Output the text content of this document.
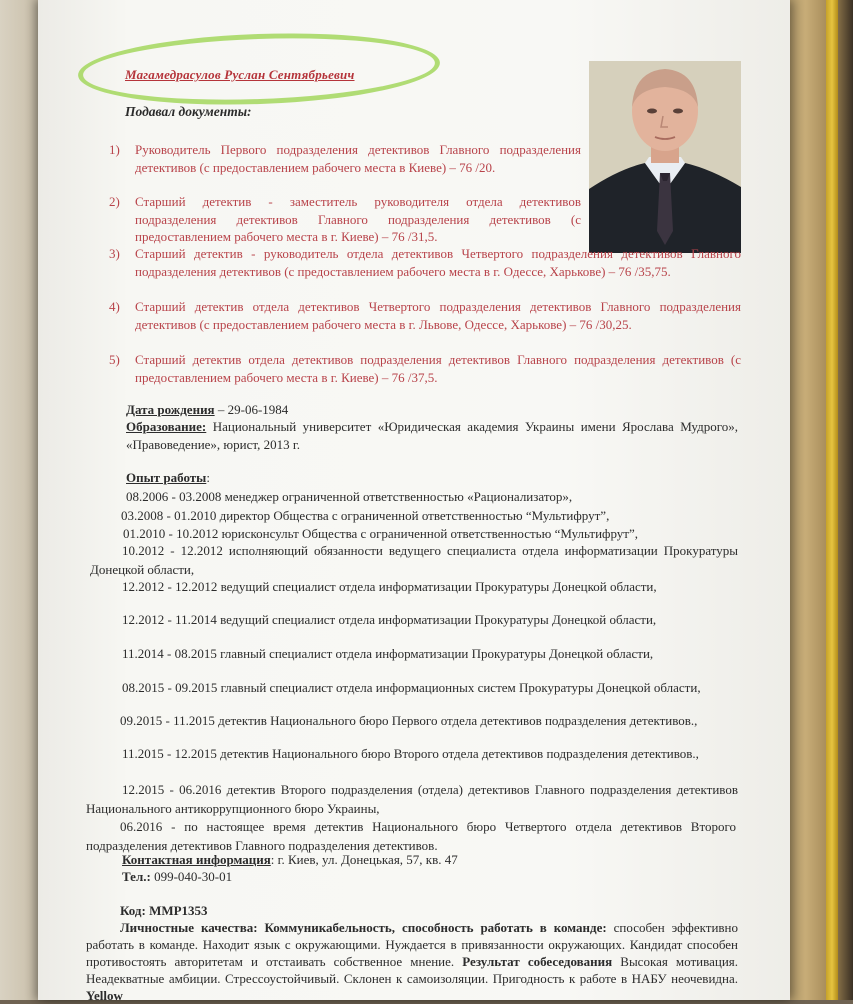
Магамедрасулов Руслан Сентябрьевич
Подавал документы:
1) Руководитель Первого подразделения детективов Главного подразделения детективов (с предоставлением рабочего места в Киеве) – 76 /20.
2) Старший детектив - заместитель руководителя отдела детективов подразделения детективов Главного подразделения детективов (с предоставлением рабочего места в г. Киеве) – 76 /31,5.
3) Старший детектив - руководитель отдела детективов Четвертого подразделения детективов Главного подразделения детективов (с предоставлением рабочего места в г. Одессе, Харькове) – 76 /35,75.
4) Старший детектив отдела детективов Четвертого подразделения детективов Главного подразделения детективов (с предоставлением рабочего места в г. Львове, Одессе, Харькове) – 76 /30,25.
5) Старший детектив отдела детективов подразделения детективов Главного подразделения детективов (с предоставлением рабочего места в г. Киеве) – 76 /37,5.
Дата рождения – 29-06-1984
Образование: Национальный университет «Юридическая академия Украины имени Ярослава Мудрого», «Правоведение», юрист, 2013 г.
Опыт работы:
08.2006 - 03.2008 менеджер ограниченной ответственностью «Рационализатор»,
03.2008 - 01.2010 директор Общества с ограниченной ответственностью “Мультифрут”,
01.2010 - 10.2012 юрисконсульт Общества с ограниченной ответственностью “Мультифрут”,
10.2012 - 12.2012 исполняющий обязанности ведущего специалиста отдела информатизации Прокуратуры Донецкой области,
12.2012 - 12.2012 ведущий специалист отдела информатизации Прокуратуры Донецкой области,
12.2012 - 11.2014 ведущий специалист отдела информатизации Прокуратуры Донецкой области,
11.2014 - 08.2015 главный специалист отдела информатизации Прокуратуры Донецкой области,
08.2015 - 09.2015 главный специалист отдела информационных систем Прокуратуры Донецкой области,
09.2015 - 11.2015 детектив Национального бюро Первого отдела детективов подразделения детективов.,
11.2015 - 12.2015 детектив Национального бюро Второго отдела детективов подразделения детективов.,
12.2015 - 06.2016 детектив Второго подразделения (отдела) детективов Главного подразделения детективов Национального антикоррупционного бюро Украины,
06.2016 - по настоящее время детектив Национального бюро Четвертого отдела детективов Второго подразделения детективов Главного подразделения детективов.
Контактная информация: г. Киев, ул. Донецькая, 57, кв. 47
Тел.: 099-040-30-01
Код: ММР1353
Личностные качества: Коммуникабельность, способность работать в команде: способен эффективно работать в команде. Находит язык с окружающими. Нуждается в привязанности окружающих. Кандидат способен противостоять авторитетам и отстаивать собственное мнение. Результат собеседования Высокая мотивация. Неадекватные амбиции. Стрессоустойчивый. Склонен к самоизоляции. Пригодность к работе в НАБУ неочевидна. Yellow
